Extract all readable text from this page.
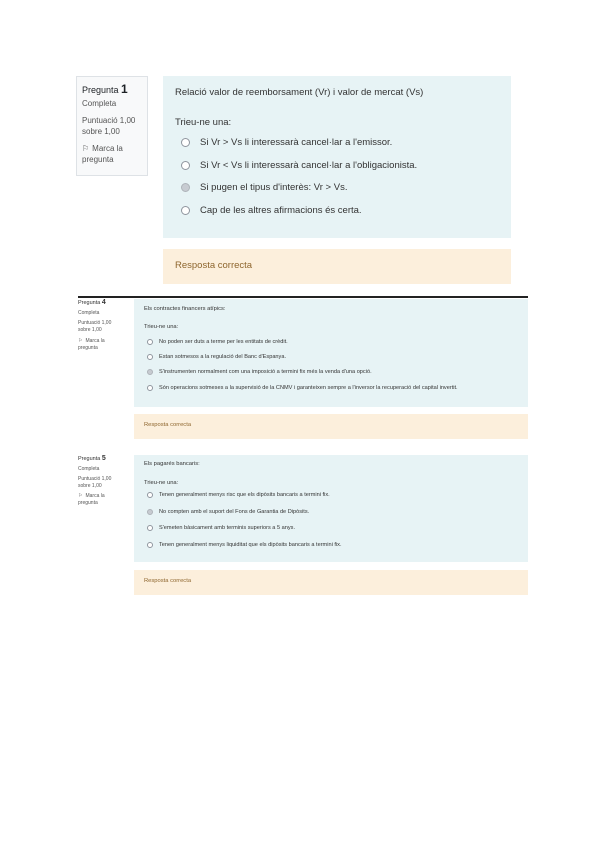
Pregunta 1
Completa
Puntuació 1,00
sobre 1,00
⚐ Marca la
pregunta
Relació valor de reemborsament (Vr) i valor de mercat (Vs)
Trieu-ne una:
Si Vr > Vs li interessarà cancel·lar a l'emissor.
Si Vr < Vs li interessarà cancel·lar a l'obligacionista.
Si pugen el tipus d'interès: Vr > Vs.
Cap de les altres afirmacions és certa.
Resposta correcta
Pregunta 4
Completa
Puntuació 1,00
sobre 1,00
⚐ Marca la
pregunta
Els contractes financers atípics:
Trieu-ne una:
No poden ser duts a terme per les entitats de crèdit.
Estan sotmesos a la regulació del Banc d'Espanya.
S'instrumenten normalment com una imposició a termini fix més la venda d'una opció.
Són operacions sotmeses a la supervisió de la CNMV i garanteixen sempre a l'inversor la recuperació del capital invertit.
Resposta correcta
Pregunta 5
Completa
Puntuació 1,00
sobre 1,00
⚐ Marca la
pregunta
Els pagarés bancaris:
Trieu-ne una:
Tenen generalment menys risc que els dipòsits bancaris a termini fix.
No compten amb el suport del Fons de Garantia de Dipòsits.
S'emeten bàsicament amb terminis superiors a 5 anys.
Tenen generalment menys liquiditat que els dipòsits bancaris a termini fix.
Resposta correcta
